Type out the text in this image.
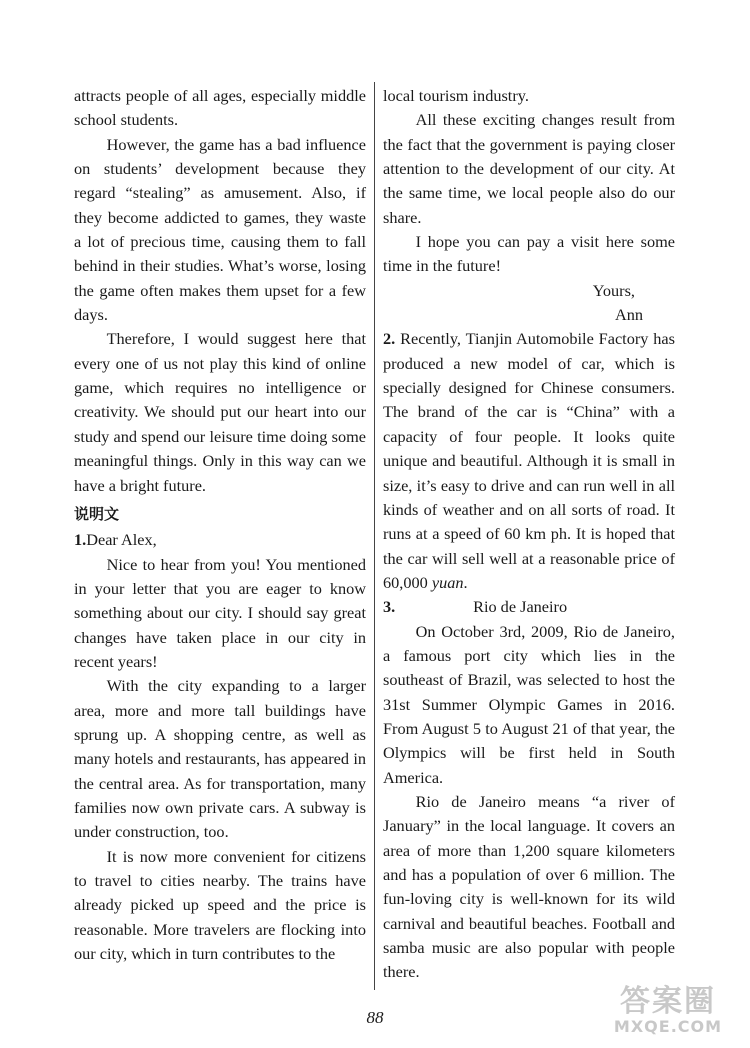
attracts people of all ages, especially middle school students.

However, the game has a bad influence on students’ development because they regard “stealing” as amusement. Also, if they become addicted to games, they waste a lot of precious time, causing them to fall behind in their studies. What’s worse, losing the game often makes them upset for a few days.

Therefore, I would suggest here that every one of us not play this kind of online game, which requires no intelligence or creativity. We should put our heart into our study and spend our leisure time doing some meaningful things. Only in this way can we have a bright future.

说明文

1.Dear Alex,

Nice to hear from you! You mentioned in your letter that you are eager to know something about our city. I should say great changes have taken place in our city in recent years!

With the city expanding to a larger area, more and more tall buildings have sprung up. A shopping centre, as well as many hotels and restaurants, has appeared in the central area. As for transportation, many families now own private cars. A subway is under construction, too.

It is now more convenient for citizens to travel to cities nearby. The trains have already picked up speed and the price is reasonable. More travelers are flocking into our city, which in turn contributes to the

local tourism industry.

All these exciting changes result from the fact that the government is paying closer attention to the development of our city. At the same time, we local people also do our share.

I hope you can pay a visit here some time in the future!

Yours,

Ann

2. Recently, Tianjin Automobile Factory has produced a new model of car, which is specially designed for Chinese consumers. The brand of the car is “China” with a capacity of four people. It looks quite unique and beautiful. Although it is small in size, it’s easy to drive and can run well in all kinds of weather and on all sorts of road. It runs at a speed of 60 km ph. It is hoped that the car will sell well at a reasonable price of 60,000 yuan.

3.	Rio de Janeiro

On October 3rd, 2009, Rio de Janeiro, a famous port city which lies in the southeast of Brazil, was selected to host the 31st Summer Olympic Games in 2016. From August 5 to August 21 of that year, the Olympics will be first held in South America.

Rio de Janeiro means “a river of January” in the local language. It covers an area of more than 1,200 square kilometers and has a population of over 6 million. The fun-loving city is well-known for its wild carnival and beautiful beaches. Football and samba music are also popular with people there.

88	答案圈
MXQE.COM
